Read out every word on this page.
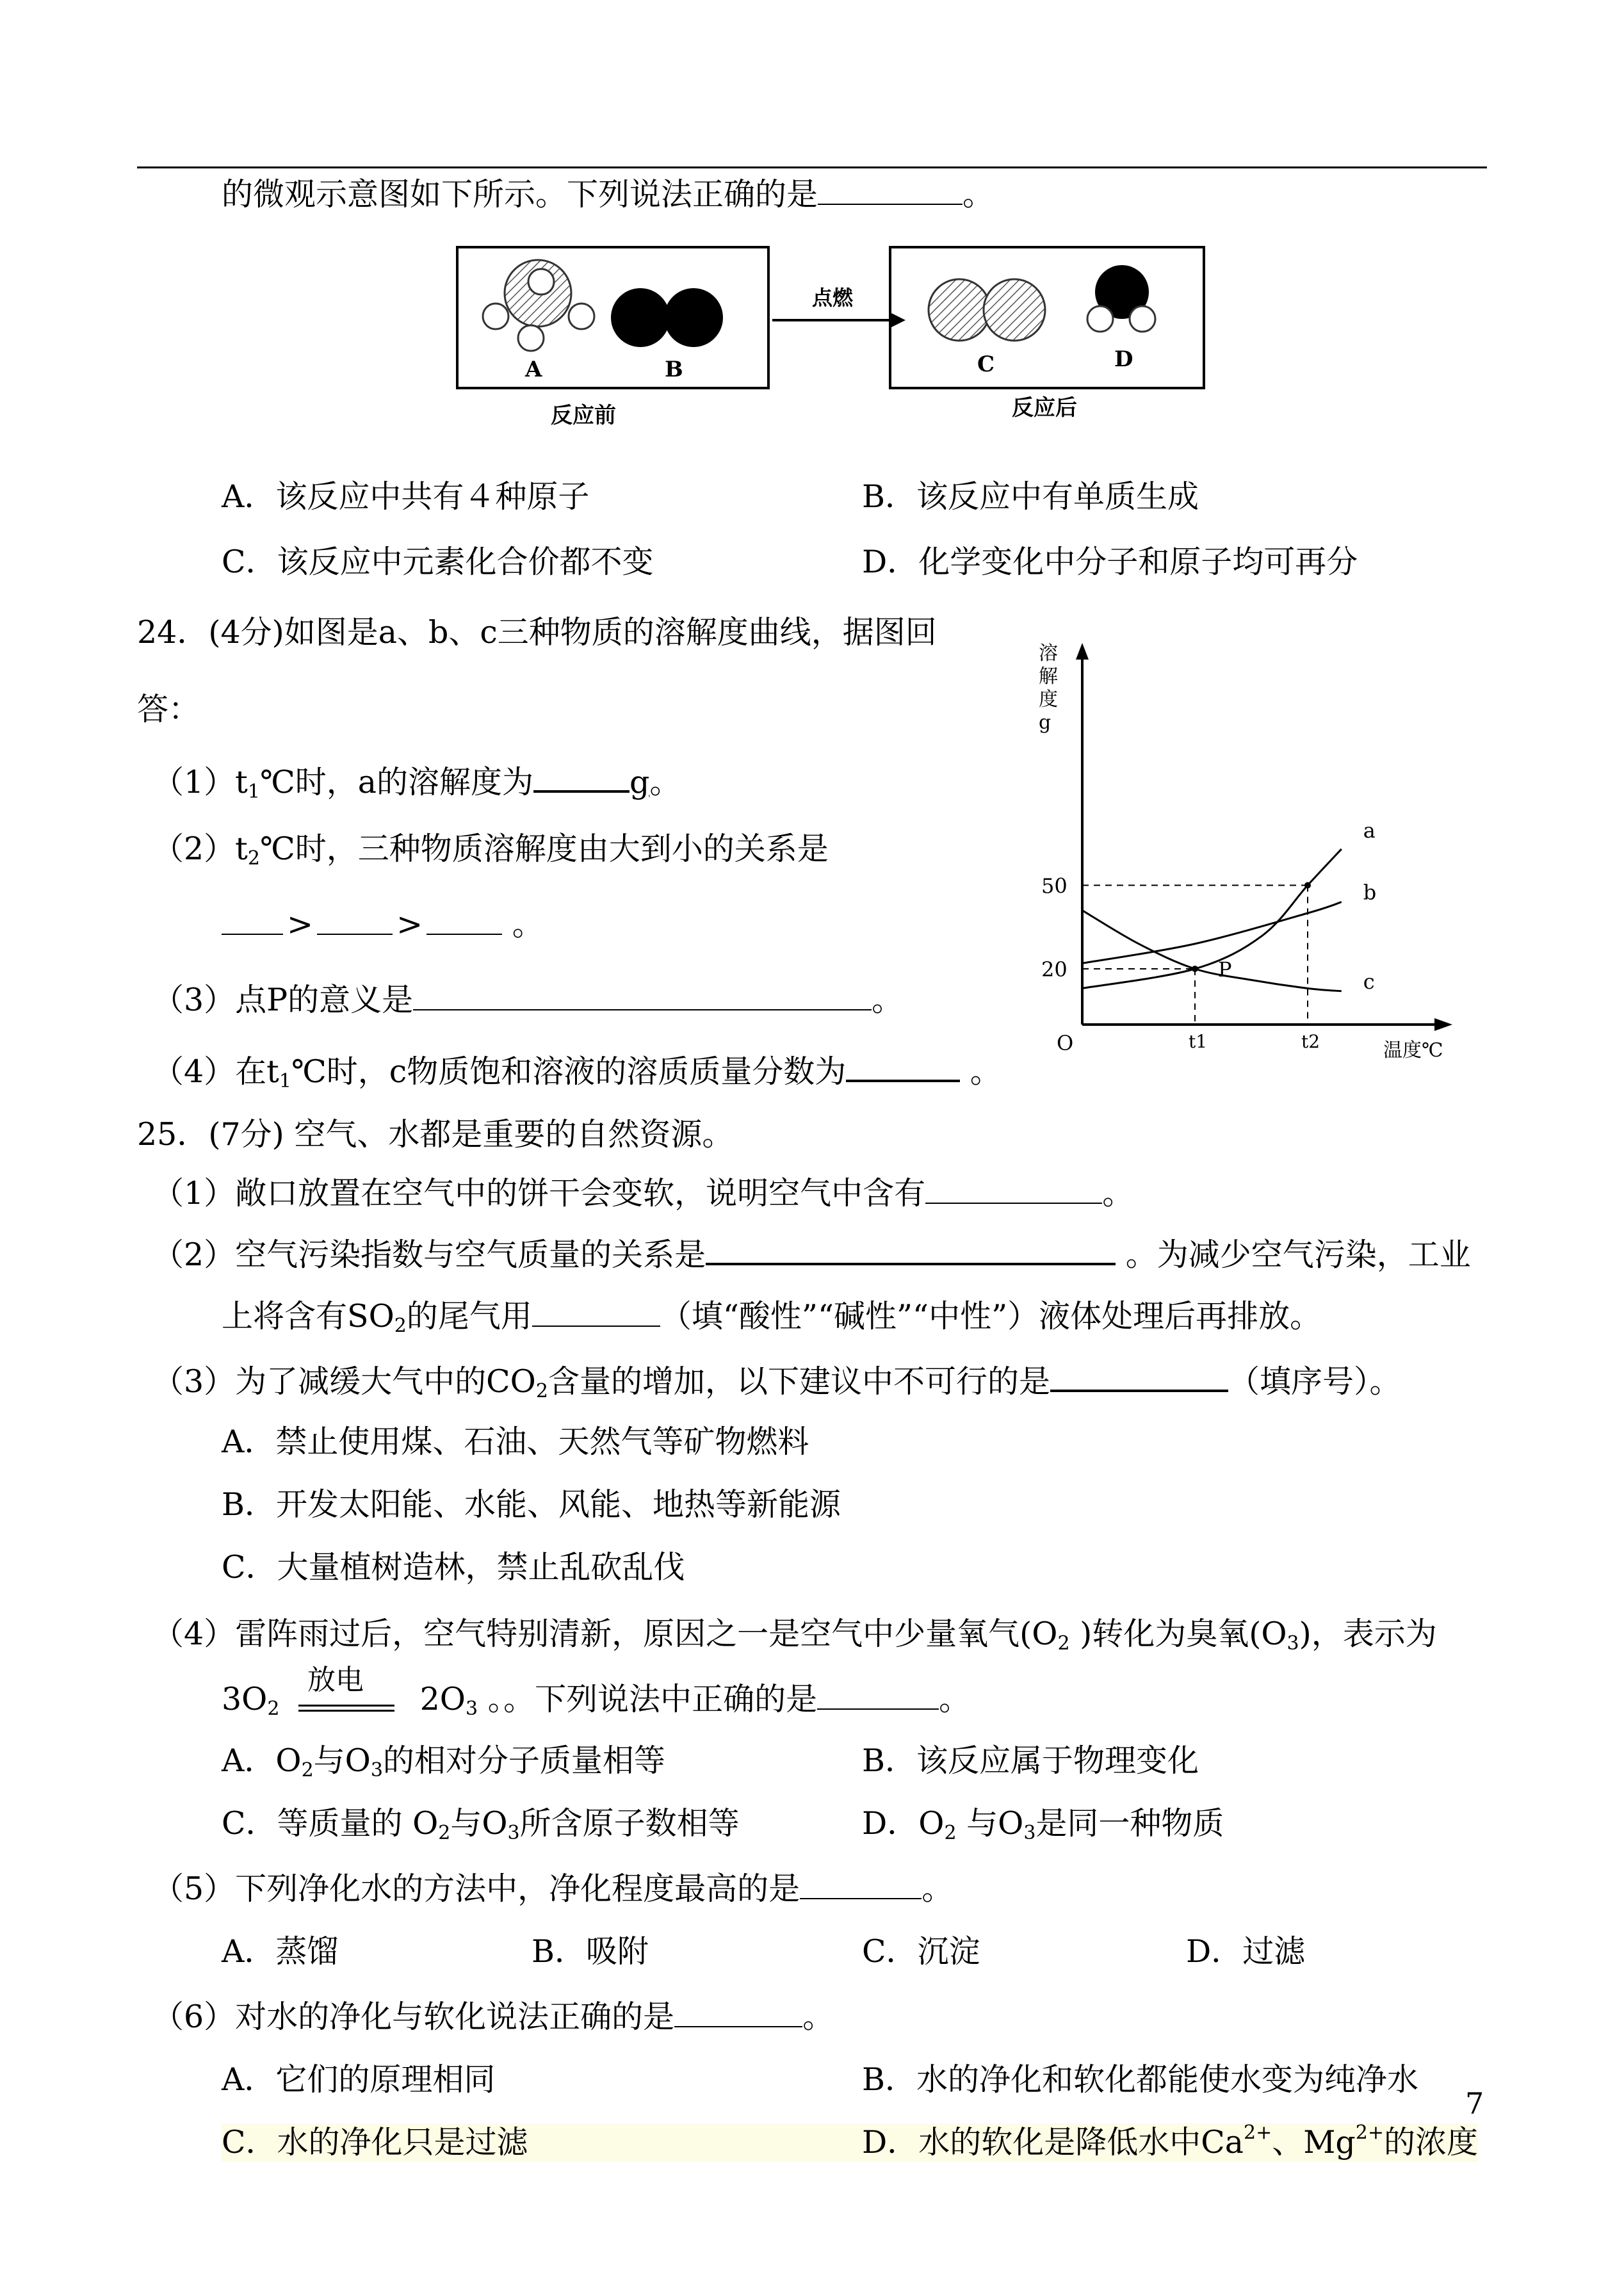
的微观示意图如下所示。下列说法正确的是	。
A	B
点燃
C	D
反应前	反应后
A．该反应中共有４种原子	B．该反应中有单质生成
C．该反应中元素化合价都不变	D．化学变化中分子和原子均可再分
24．(4分)如图是a、b、c三种物质的溶解度曲线，据图回
答：
$(1)t_1℃$时，a的溶解度为	g。
$(2)t_2℃$时，三种物质溶解度由大到小的关系是
>	>	。
（3）点P的意义是	。
（4）在$t_1℃$时，c物质饱和溶液的溶质质量分数为	。
溶解度 g
温度℃
O
a
b
c
50
20
t1	t2
P
25．(7分) 空气、水都是重要的自然资源。
（1）敞口放置在空气中的饼干会变软，说明空气中含有	。
（2）空气污染指数与空气质量的关系是	。为减少空气污染，工业
上将含有$SO_2$的尾气用	（填“酸性”“碱性”“中性”）液体处理后再排放。
（3）为了减缓大气中的$CO_2$含量的增加，以下建议中不可行的是	（填序号）。
A．禁止使用煤、石油、天然气等矿物燃料
B．开发太阳能、水能、风能、地热等新能源
C．大量植树造林，禁止乱砍乱伐
（4）雷阵雨过后，空气特别清新，原因之一是空气中少量氧气($O_2$ )转化为臭氧$(O_3)$，表示为
$3O_2$
放电
$2O_3$ 。。下列说法中正确的是	。
A．$O_2$与$O_3$的相对分子质量相等	B．该反应属于物理变化
C．等质量的 $O_2$与$O_3$所含原子数相等	D．$O_2$ 与$O_3$是同一种物质
（5）下列净化水的方法中，净化程度最高的是	。
A．蒸馏	B．吸附	C．沉淀	D．过滤
（6）对水的净化与软化说法正确的是	。
A．它们的原理相同	B．水的净化和软化都能使水变为纯净水
C．水的净化只是过滤	D．水的软化是降低水中$Ca^{2+}$、$Mg^{2+}$的浓度
7
